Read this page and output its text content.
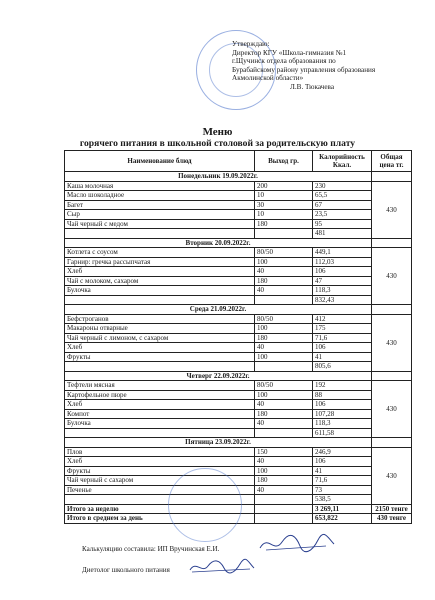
Утверждаю:
Директор КГУ «Школа-гимназия №1
г.Щучинск отдела образования по
Бурабайскому району управления образования
Акмолинской области»
Л.В. Тюкачева
Меню
горячего питания в школьной столовой за родительскую плату
Наименование блюд	Выход гр.	Калорийность Ккал.	Общая цена тг.
Понедельник 19.09.2022г.			
Каша молочная	200	230	430
Масло шоколадное	10	65,5	
Багет	30	67	
Сыр	10	23,5	
Чай черный с медом	180	95	
		481	
Вторник 20.09.2022г.			
Котлета с соусом	80/50	449,1	430
Гарнир: гречка рассыпчатая	100	112,03	
Хлеб	40	106	
Чай с молоком, сахаром	180	47	
Булочка	40	118,3	
		832,43	
Среда 21.09.2022г.			
Бефстроганов	80/50	412	430
Макароны отварные	100	175	
Чай черный с лимоном, с сахаром	180	71,6	
Хлеб	40	106	
Фрукты	100	41	
		805,6	
Четверг 22.09.2022г.			
Тефтели мясная	80/50	192	430
Картофельное пюре	100	88	
Хлеб	40	106	
Компот	180	107,28	
Булочка	40	118,3	
		611,58	
Пятница 23.09.2022г.			
Плов	150	246,9	430
Хлеб	40	106	
Фрукты	100	41	
Чай черный с сахаром	180	71,6	
Печенье	40	73	
		538,5	
Итого за неделю		3 269,11	2150 тенге
Итого в среднем за день		653,822	430 тенге
Калькуляцию составила: ИП Вручинская Е.И.
Диетолог школьного питания
